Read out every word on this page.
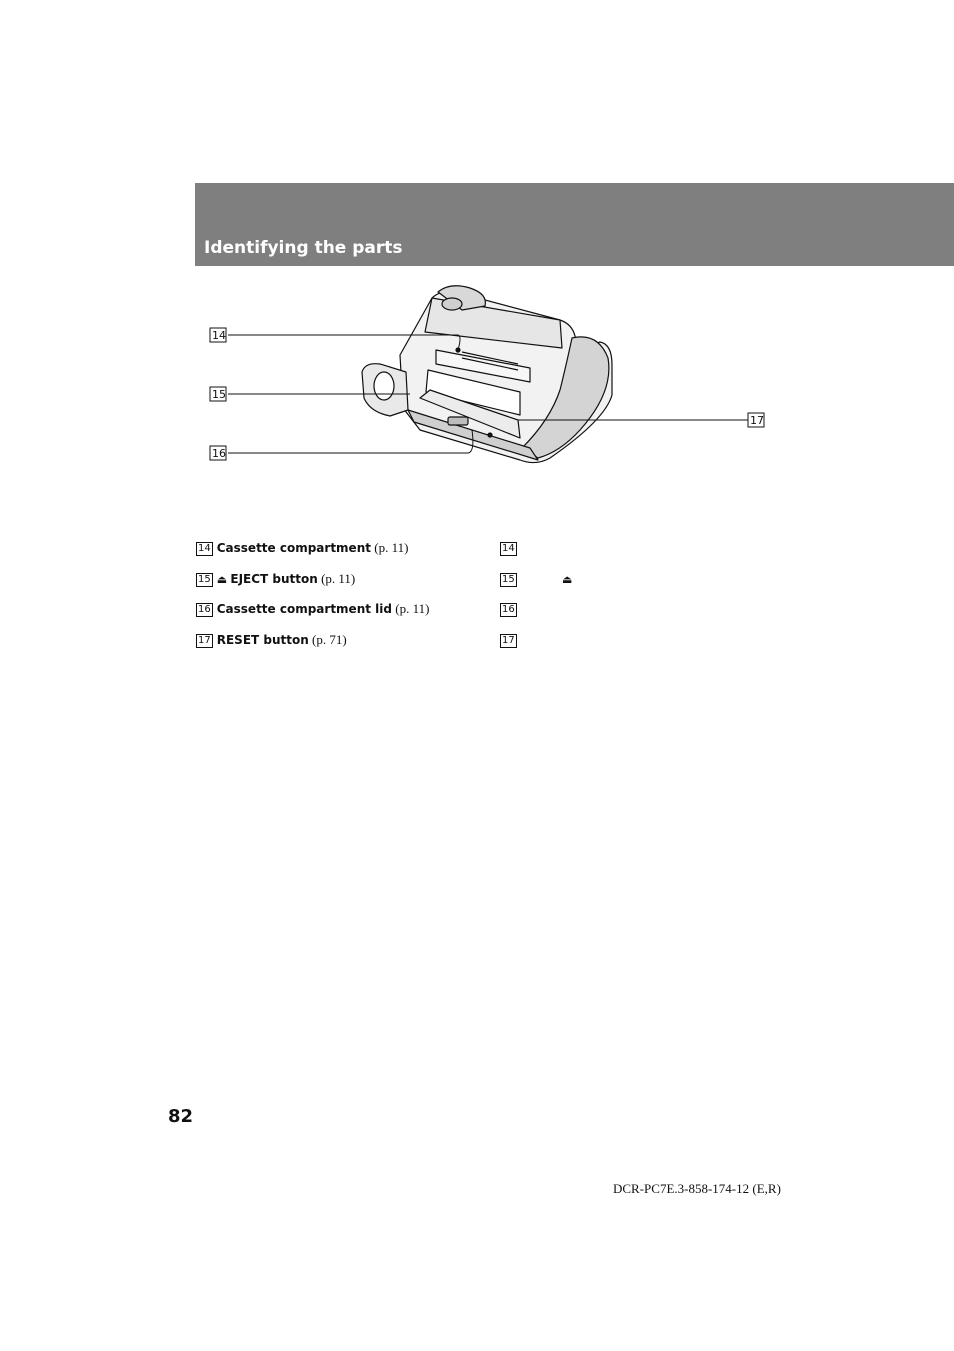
Identifying the parts
14
15
16
17
14 Cassette compartment (p. 11)
15 ⏏ EJECT button (p. 11)
16 Cassette compartment lid (p. 11)
17 RESET button (p. 71)
14
15	⏏
16
17
82
DCR-PC7E.3-858-174-12 (E,R)
